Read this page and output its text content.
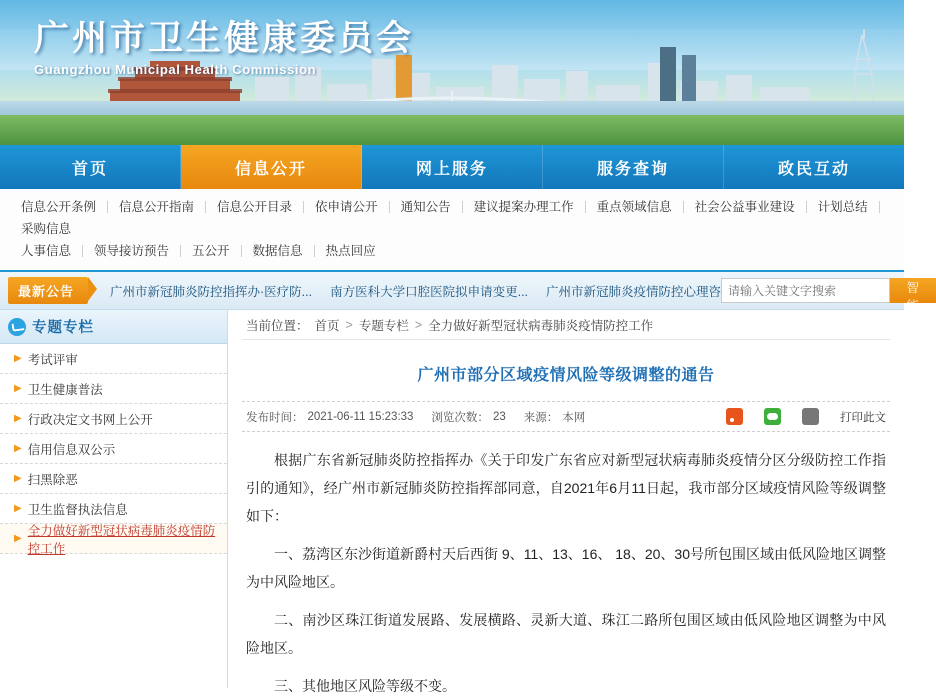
广州市卫生健康委员会
Guangzhou Municipal Health Commission
首页	信息公开	网上服务	服务查询	政民互动
信息公开条例	信息公开指南	信息公开目录	依申请公开	通知公告	建议提案办理工作	重点领域信息	社会公益事业建设	计划总结
采购信息
人事信息	领导接访预告	五公开	数据信息	热点回应
最新公告	广州市新冠肺炎防控指挥办·医疗防... 南方医科大学口腔医院拟申请变更... 广州市新冠肺炎疫情防控心理咨
请输入关键文字搜索	智能搜索
专题专栏
▶ 考试评审
▶ 卫生健康普法
▶ 行政决定文书网上公开
▶ 信用信息双公示
▶ 扫黑除恶
▶ 卫生监督执法信息
▶
全力做好新型冠状病毒肺炎疫情防控工作
当前位置： 首页 > 专题专栏 > 全力做好新型冠状病毒肺炎疫情防控工作
广州市部分区域疫情风险等级调整的通告
发布时间： 2021-06-11 15:23:33 浏览次数： 23 来源： 本网	打印此文

根据广东省新冠肺炎防控指挥办《关于印发广东省应对新型冠状病毒肺炎疫情分区分级防控工作指引的通知》，经广州市新冠肺炎防控指挥部同意，自2021年6月11日起，我市部分区域疫情风险等级调整如下：

一、荔湾区东沙街道新爵村天后西街 9、11、13、16、 18、20、30号所包围区域由低风险地区调整为中风险地区。

二、南沙区珠江街道发展路、发展横路、灵新大道、珠江二路所包围区域由低风险地区调整为中风险地区。

三、其他地区风险等级不变。
